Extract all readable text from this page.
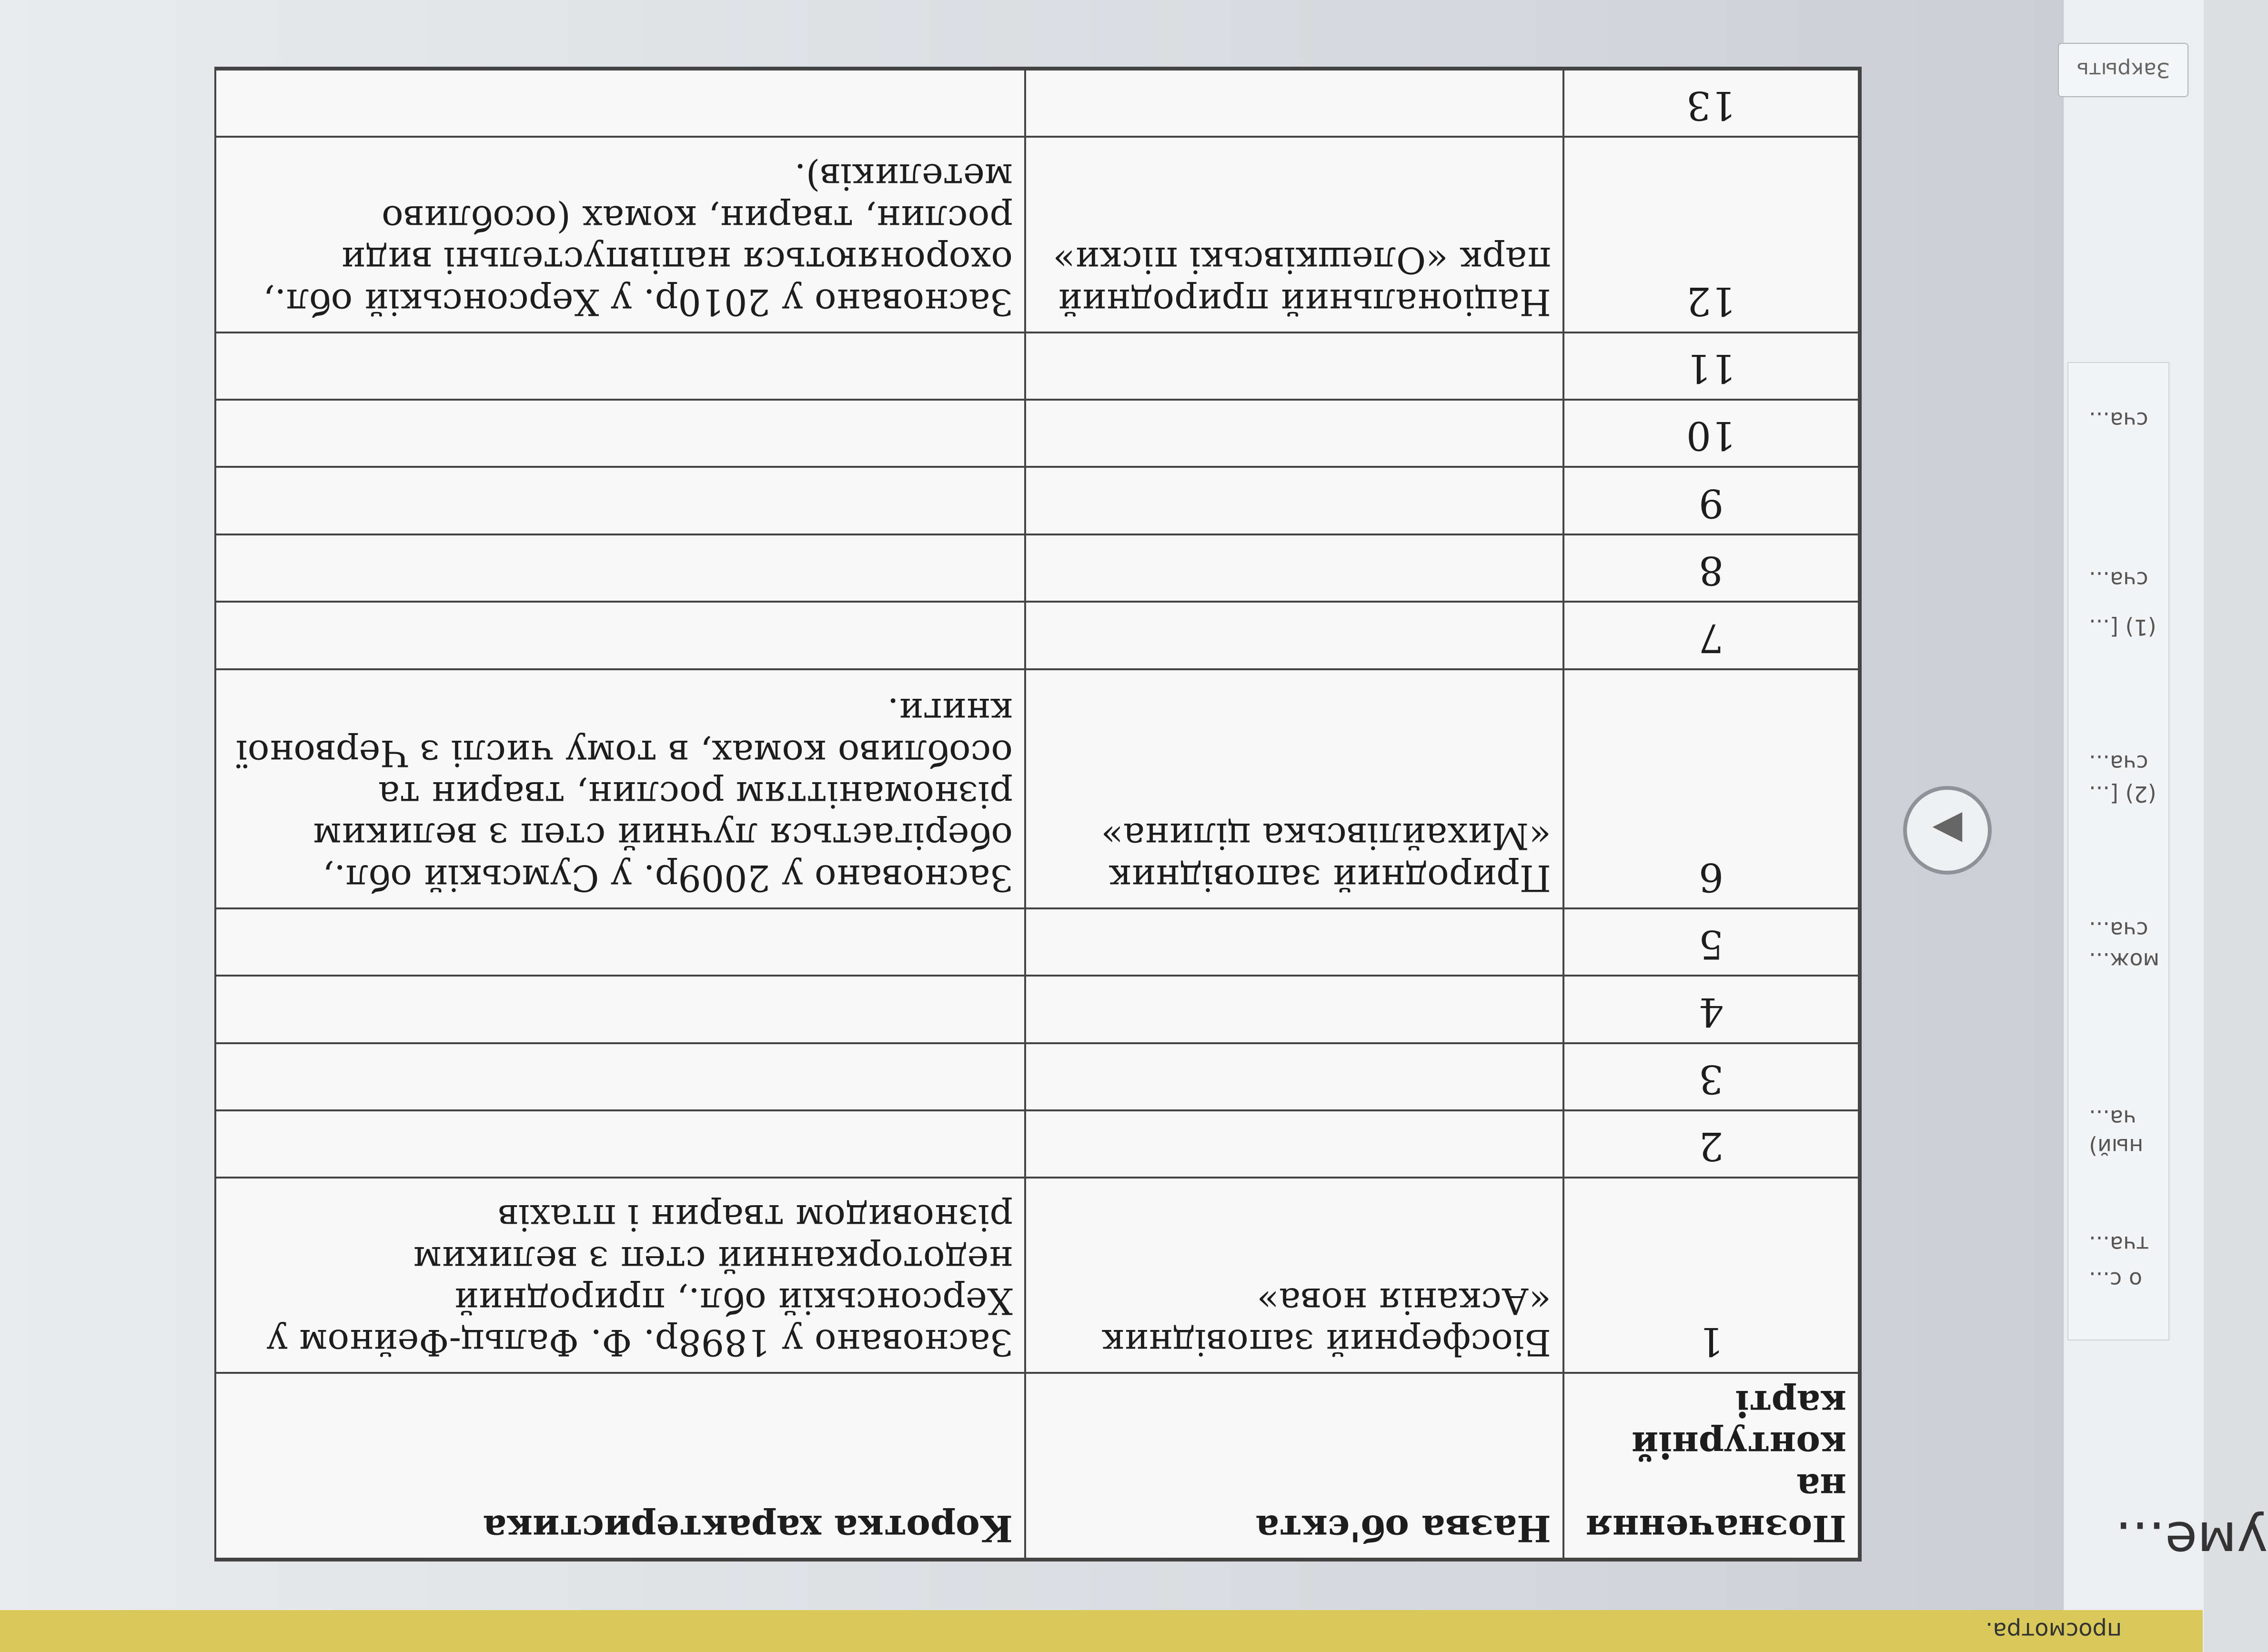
уме...
о с...
тча...
ный)
ча...
мож...
сча...
(2) [...
сча...
(1) [...
сча...
сча...
Закрыть
▶
просмотра.
Позначення на контурній карті	Назва об'єкта	Коротка характеристика
1	Біосферний заповідник «Асканія нова»	Засновано у 1898р. Ф. Фальц-Фейном у Херсонській обл., природний недоторканний степ з великим різновидом тварин і птахів
2		
3		
4		
5		
6	Природний заповідник «Михайлівська цілина»	Засновано у 2009р. у Сумській обл., оберігається лучний степ з великим різноманіттям рослин, тварин та особливо комах, в тому числі з Червоної книги.
7		
8		
9		
10		
11		
12	Національний природний парк «Олешківські піски»	Засновано у 2010р. у Херсонській обл., охороняються напівпустельні види рослин, тварин, комах (особливо метеликів).
13		
